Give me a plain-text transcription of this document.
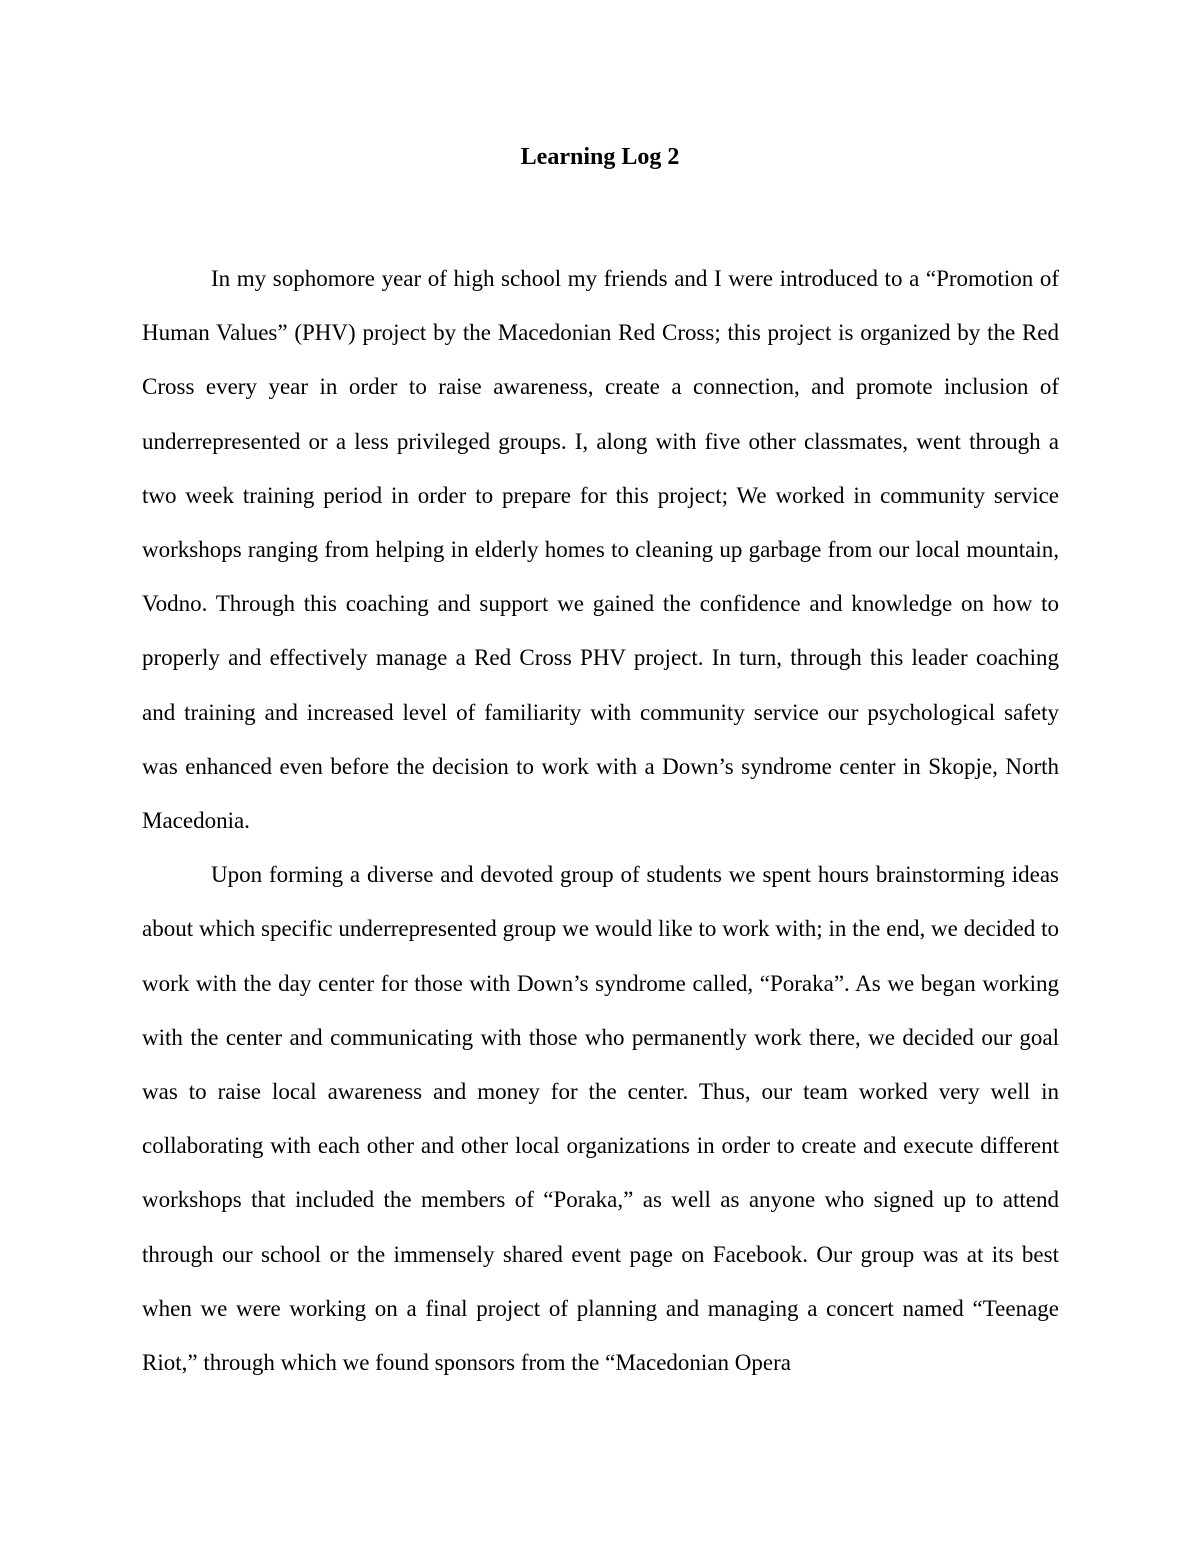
Learning Log 2

In my sophomore year of high school my friends and I were introduced to a “Promotion of Human Values” (PHV) project by the Macedonian Red Cross; this project is organized by the Red Cross every year in order to raise awareness, create a connection, and promote inclusion of underrepresented or a less privileged groups. I, along with five other classmates, went through a two week training period in order to prepare for this project; We worked in community service workshops ranging from helping in elderly homes to cleaning up garbage from our local mountain, Vodno. Through this coaching and support we gained the confidence and knowledge on how to properly and effectively manage a Red Cross PHV project. In turn, through this leader coaching and training and increased level of familiarity with community service our psychological safety was enhanced even before the decision to work with a Down’s syndrome center in Skopje, North Macedonia.

Upon forming a diverse and devoted group of students we spent hours brainstorming ideas about which specific underrepresented group we would like to work with; in the end, we decided to work with the day center for those with Down’s syndrome called, “Poraka”. As we began working with the center and communicating with those who permanently work there, we decided our goal was to raise local awareness and money for the center. Thus, our team worked very well in collaborating with each other and other local organizations in order to create and execute different workshops that included the members of “Poraka,” as well as anyone who signed up to attend through our school or the immensely shared event page on Facebook. Our group was at its best when we were working on a final project of planning and managing a concert named “Teenage Riot,” through which we found sponsors from the “Macedonian Opera
